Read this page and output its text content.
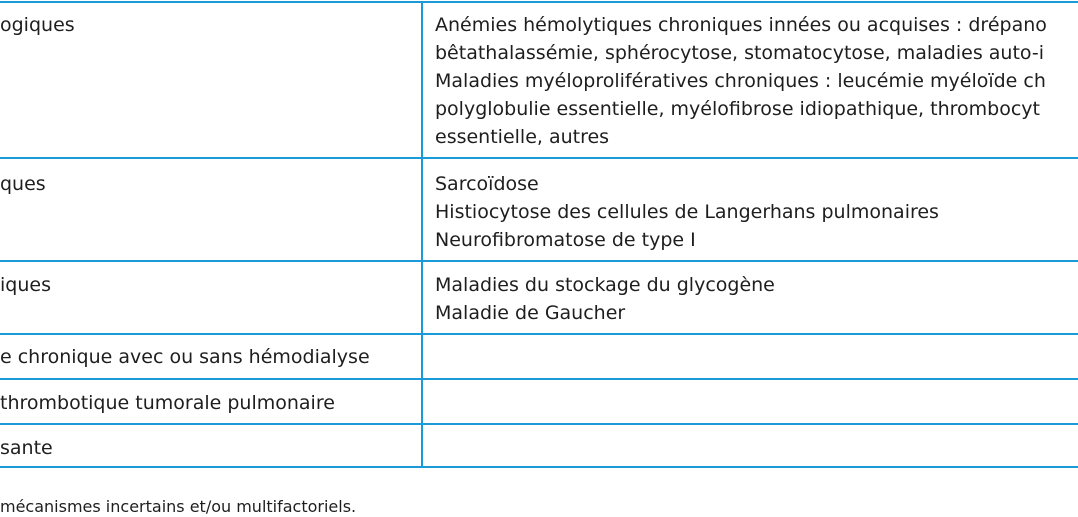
ogiques	Anémies hémolytiques chroniques innées ou acquises : drépano
bêtathalassémie, sphérocytose, stomatocytose, maladies auto-i
Maladies myéloprolifératives chroniques : leucémie myéloïde ch
polyglobulie essentielle, myélofibrose idiopathique, thrombocyt
essentielle, autres
ques	Sarcoïdose
Histiocytose des cellules de Langerhans pulmonaires
Neurofibromatose de type I
iques	Maladies du stockage du glycogène
Maladie de Gaucher
e chronique avec ou sans hémodialyse
thrombotique tumorale pulmonaire
sante
mécanismes incertains et/ou multifactoriels.
